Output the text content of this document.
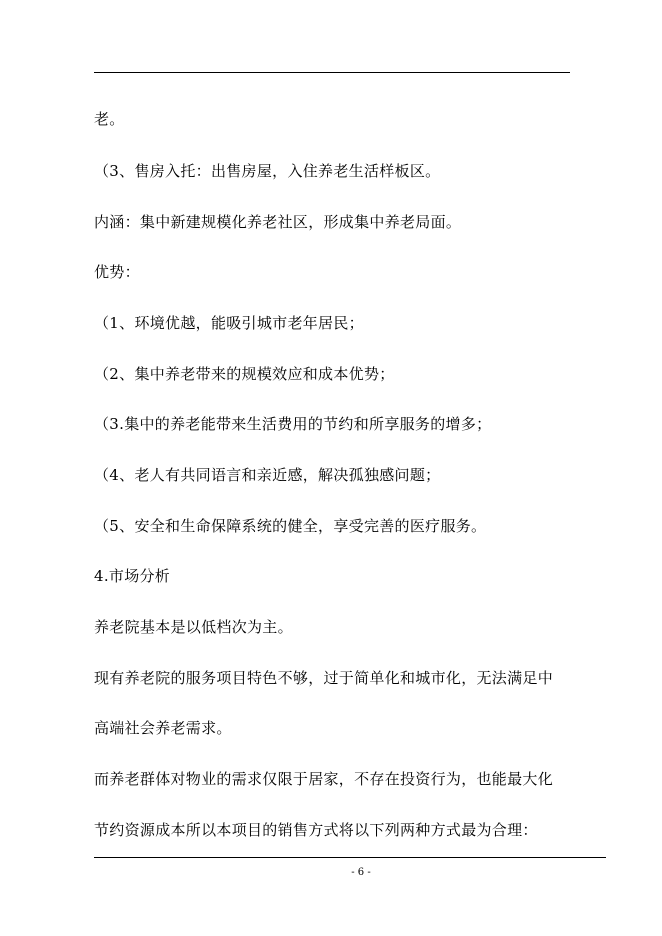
老。
（3、售房入托：出售房屋，入住养老生活样板区。
内涵：集中新建规模化养老社区，形成集中养老局面。
优势：
（1、环境优越，能吸引城市老年居民；
（2、集中养老带来的规模效应和成本优势；
（3.集中的养老能带来生活费用的节约和所享服务的增多；
（4、老人有共同语言和亲近感，解决孤独感问题；
（5、安全和生命保障系统的健全，享受完善的医疗服务。
4.市场分析
养老院基本是以低档次为主。
现有养老院的服务项目特色不够，过于简单化和城市化，无法满足中
高端社会养老需求。
而养老群体对物业的需求仅限于居家，不存在投资行为，也能最大化
节约资源成本所以本项目的销售方式将以下列两种方式最为合理：
- 6 -
